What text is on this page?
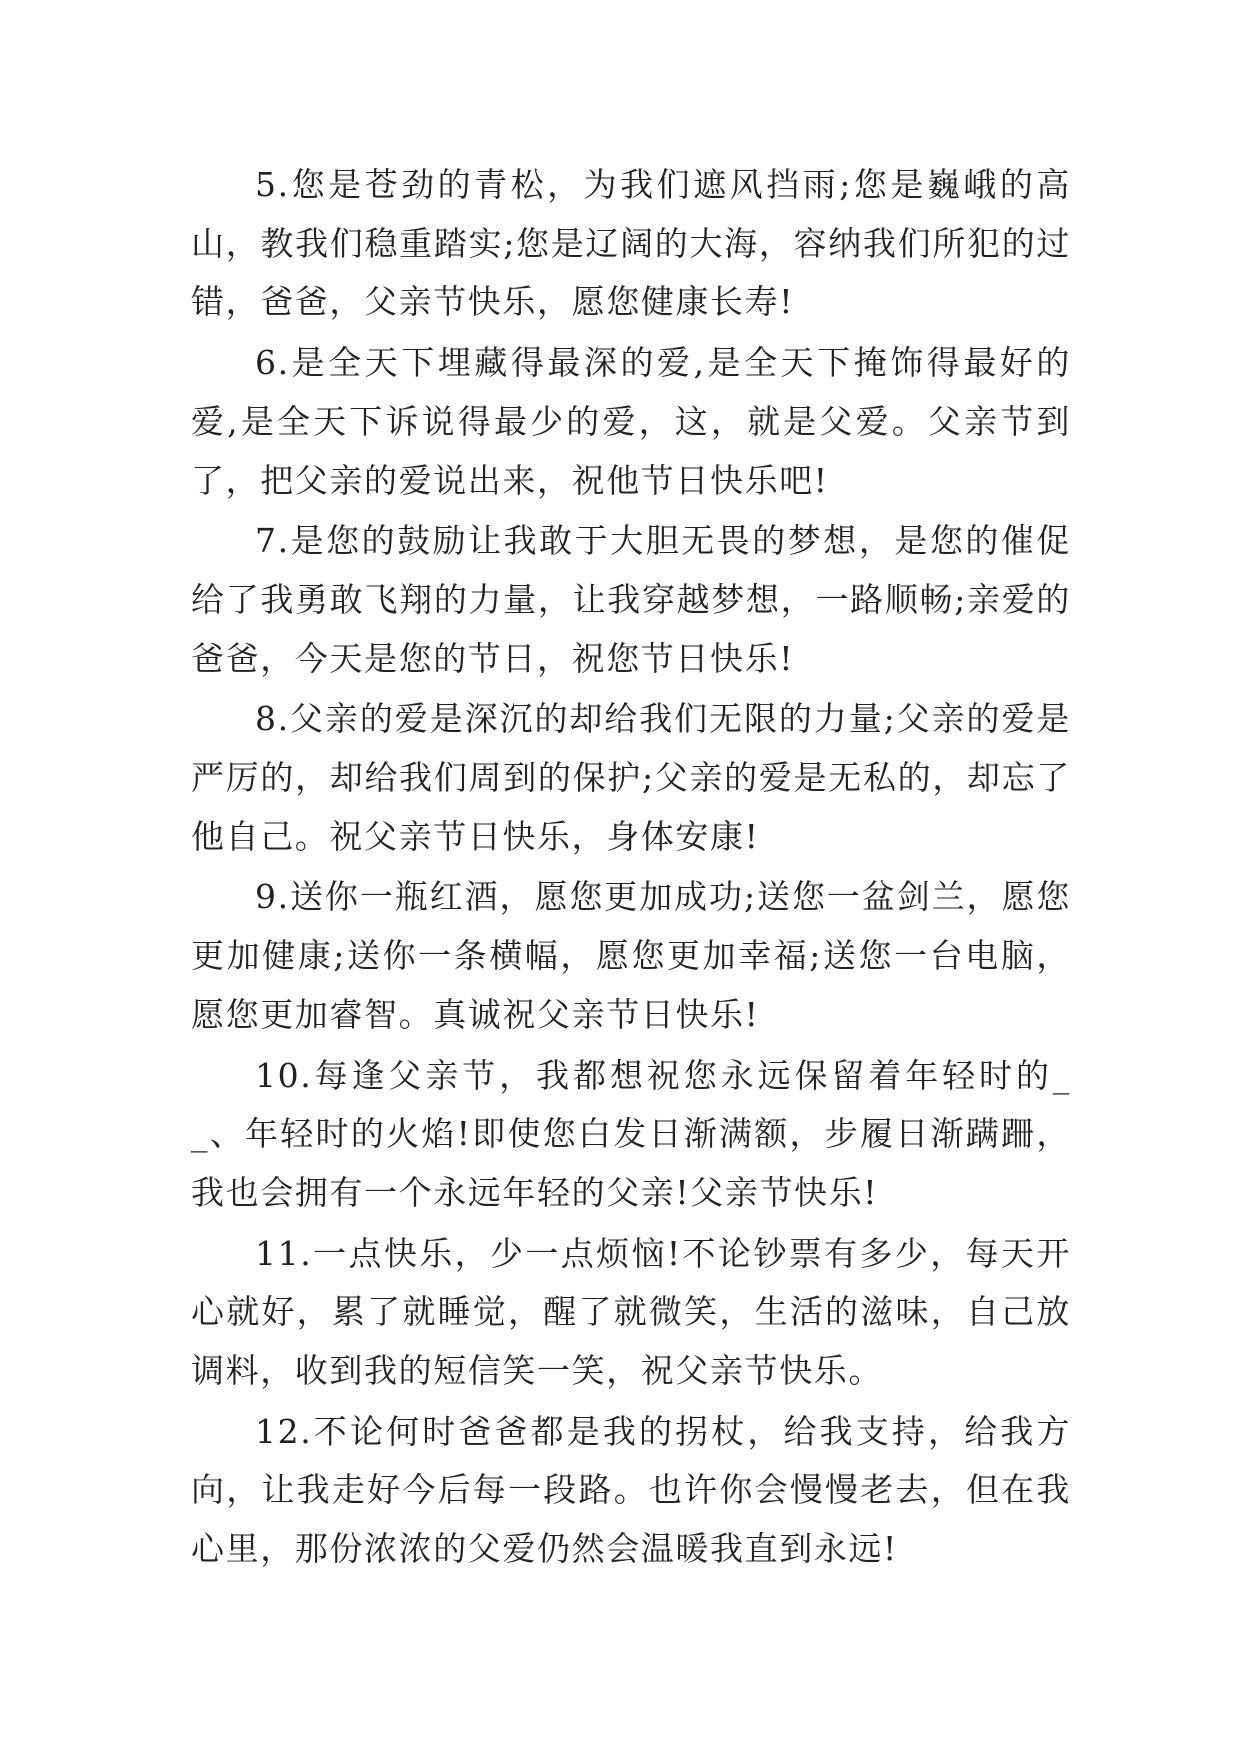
5.您是苍劲的青松，为我们遮风挡雨;您是巍峨的高山，教我们稳重踏实;您是辽阔的大海，容纳我们所犯的过错，爸爸，父亲节快乐，愿您健康长寿!

6.是全天下埋藏得最深的爱,是全天下掩饰得最好的爱,是全天下诉说得最少的爱，这，就是父爱。父亲节到了，把父亲的爱说出来，祝他节日快乐吧!

7.是您的鼓励让我敢于大胆无畏的梦想，是您的催促给了我勇敢飞翔的力量，让我穿越梦想，一路顺畅;亲爱的爸爸，今天是您的节日，祝您节日快乐!

8.父亲的爱是深沉的却给我们无限的力量;父亲的爱是严厉的，却给我们周到的保护;父亲的爱是无私的，却忘了他自己。祝父亲节日快乐，身体安康!

9.送你一瓶红酒，愿您更加成功;送您一盆剑兰，愿您更加健康;送你一条横幅，愿您更加幸福;送您一台电脑，愿您更加睿智。真诚祝父亲节日快乐!

10.每逢父亲节，我都想祝您永远保留着年轻时的__、年轻时的火焰!即使您白发日渐满额，步履日渐蹒跚，我也会拥有一个永远年轻的父亲!父亲节快乐!

11.一点快乐，少一点烦恼!不论钞票有多少，每天开心就好，累了就睡觉，醒了就微笑，生活的滋味，自己放调料，收到我的短信笑一笑，祝父亲节快乐。

12.不论何时爸爸都是我的拐杖，给我支持，给我方向，让我走好今后每一段路。也许你会慢慢老去，但在我心里，那份浓浓的父爱仍然会温暖我直到永远!
